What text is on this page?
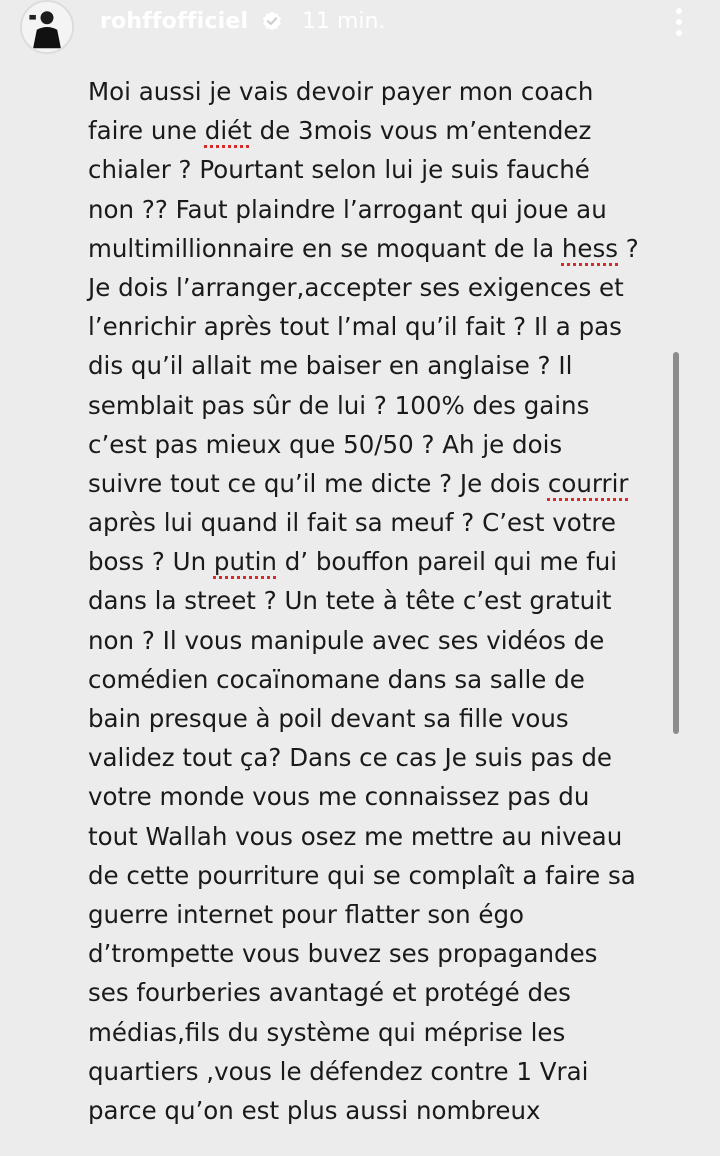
rohffofficiel 11 min.
Moi aussi je vais devoir payer mon coach
faire une diét de 3mois vous m’entendez
chialer ? Pourtant selon lui je suis fauché
non ?? Faut plaindre l’arrogant qui joue au
multimillionnaire en se moquant de la hess ?
Je dois l’arranger,accepter ses exigences et
l’enrichir après tout l’mal qu’il fait ? Il a pas
dis qu’il allait me baiser en anglaise ? Il
semblait pas sûr de lui ? 100% des gains
c’est pas mieux que 50/50 ? Ah je dois
suivre tout ce qu’il me dicte ? Je dois courrir
après lui quand il fait sa meuf ? C’est votre
boss ? Un putin d’ bouffon pareil qui me fui
dans la street ? Un tete à tête c’est gratuit
non ? Il vous manipule avec ses vidéos de
comédien cocaïnomane dans sa salle de
bain presque à poil devant sa fille vous
validez tout ça? Dans ce cas Je suis pas de
votre monde vous me connaissez pas du
tout Wallah vous osez me mettre au niveau
de cette pourriture qui se complaît a faire sa
guerre internet pour flatter son égo
d’trompette vous buvez ses propagandes
ses fourberies avantagé et protégé des
médias,fils du système qui méprise les
quartiers ,vous le défendez contre 1 Vrai
parce qu’on est plus aussi nombreux
